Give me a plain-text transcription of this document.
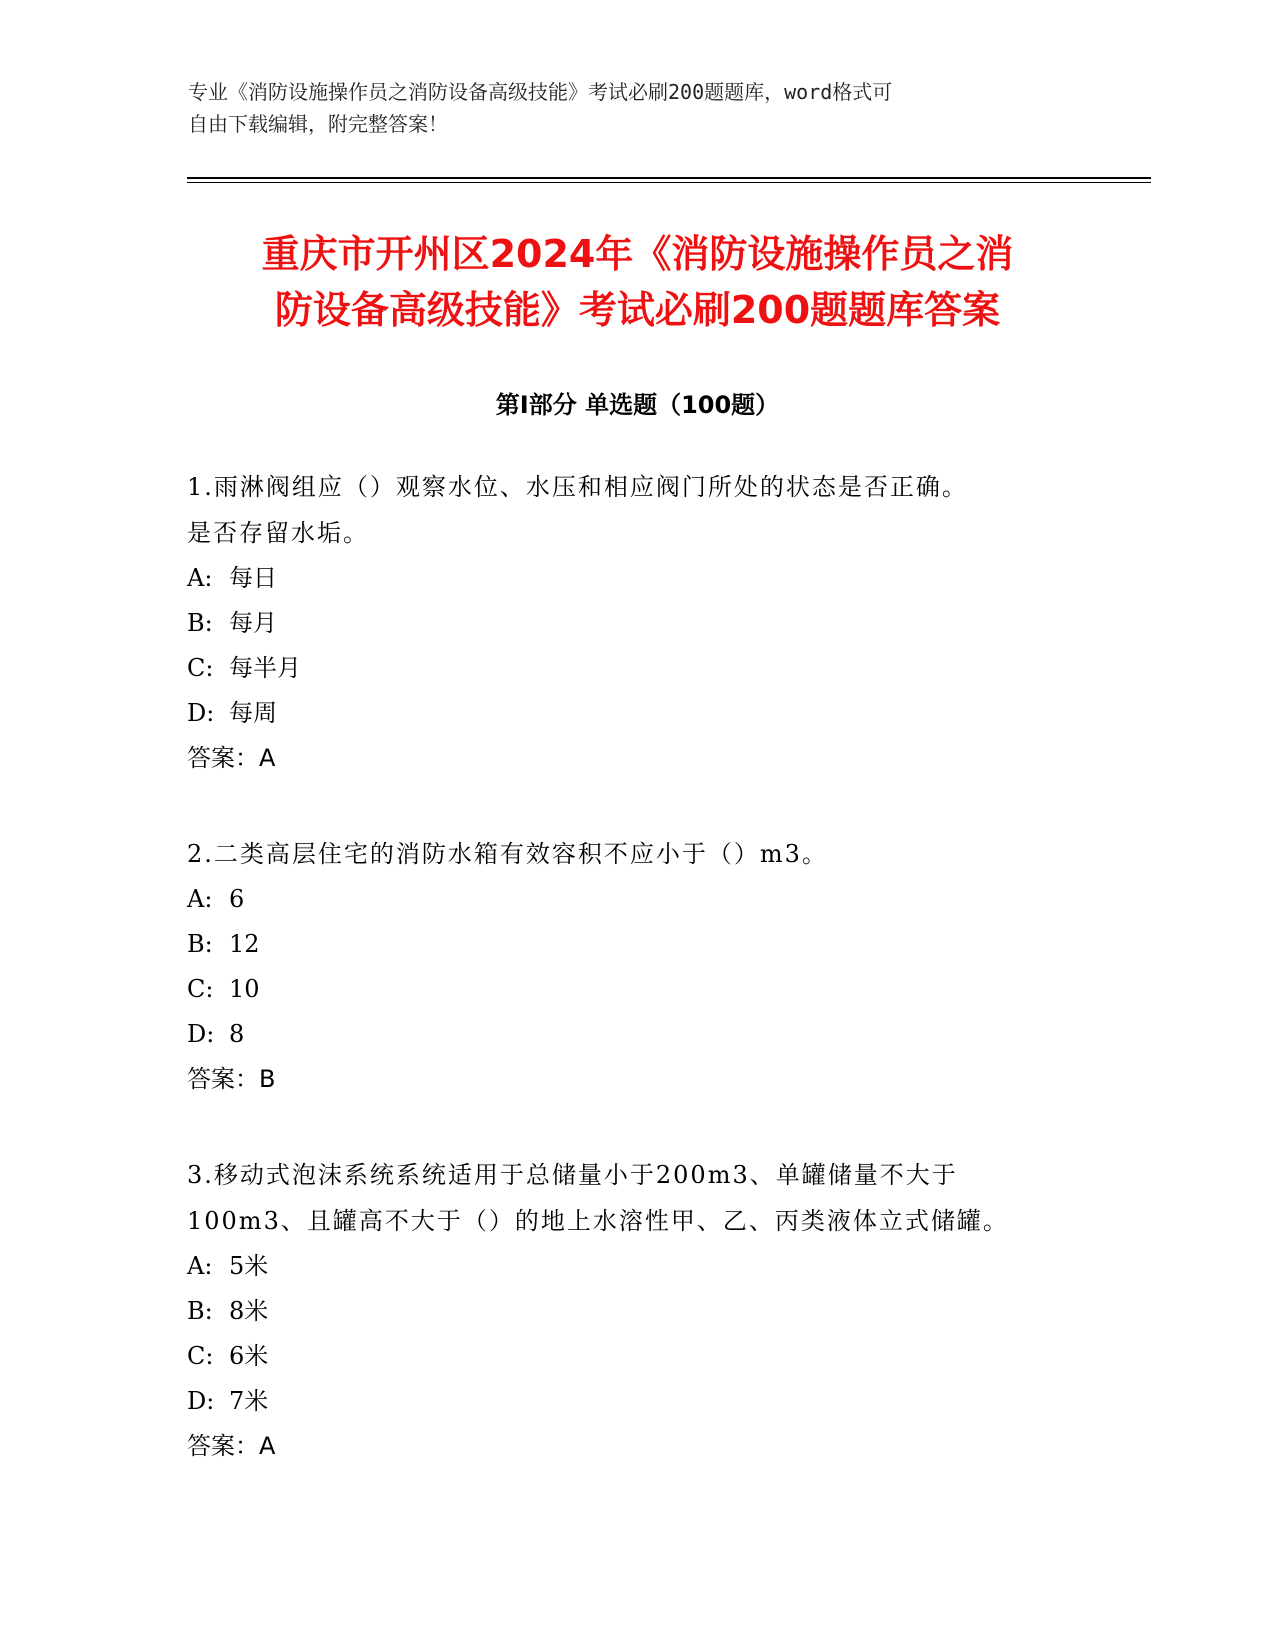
专业《消防设施操作员之消防设备高级技能》考试必刷200题题库，word格式可
自由下载编辑，附完整答案！
重庆市开州区2024年《消防设施操作员之消
防设备高级技能》考试必刷200题题库答案
第Ⅰ部分 单选题（100题）
1.雨淋阀组应（）观察水位、水压和相应阀门所处的状态是否正确。
是否存留水垢。
A: 每日
B: 每月
C: 每半月
D: 每周
答案：A
2.二类高层住宅的消防水箱有效容积不应小于（）m3。
A: 6
B: 12
C: 10
D: 8
答案：B
3.移动式泡沫系统系统适用于总储量小于200m3、单罐储量不大于
100m3、且罐高不大于（）的地上水溶性甲、乙、丙类液体立式储罐。
A: 5米
B: 8米
C: 6米
D: 7米
答案：A
